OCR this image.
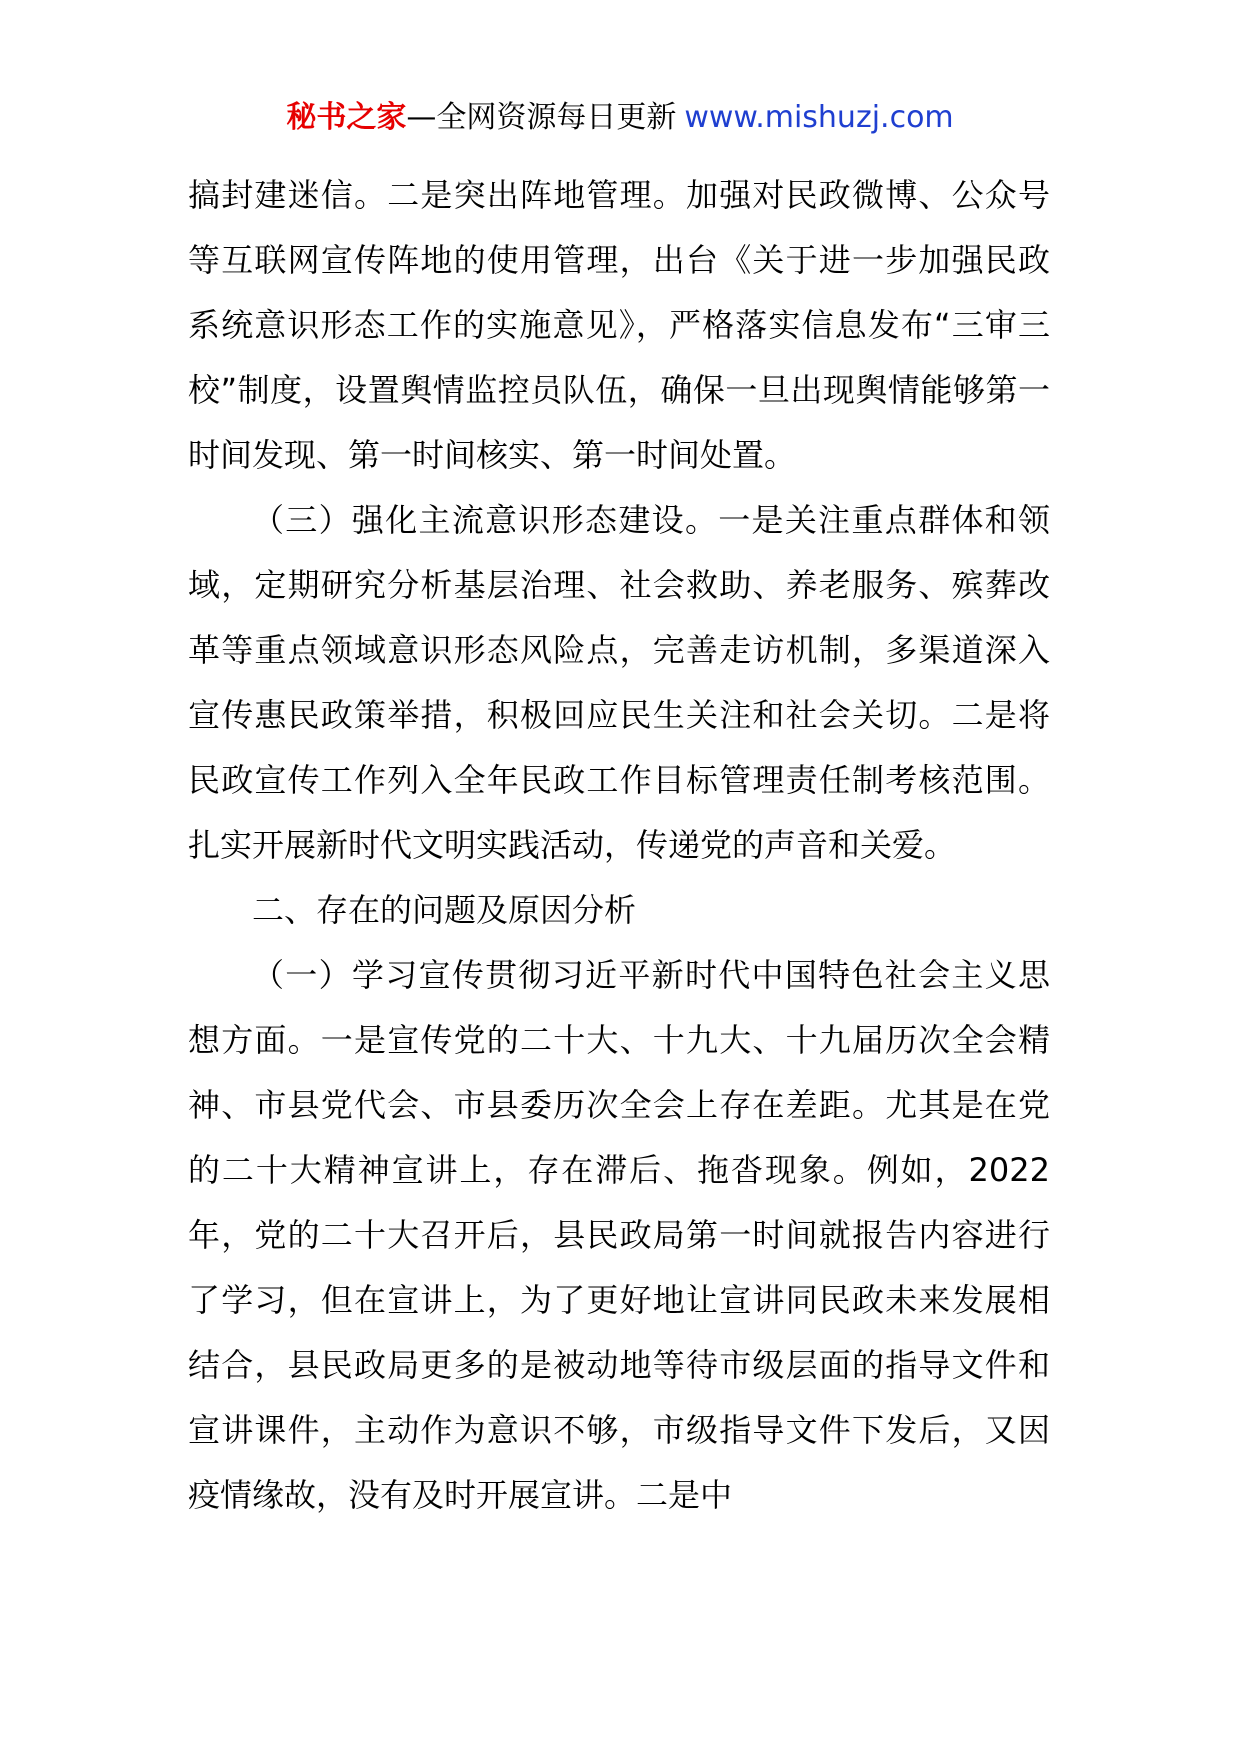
秘书之家—全网资源每日更新 www.mishuzj.com

搞封建迷信。二是突出阵地管理。加强对民政微博、公众号等互联网宣传阵地的使用管理，出台《关于进一步加强民政系统意识形态工作的实施意见》，严格落实信息发布“三审三校”制度，设置舆情监控员队伍，确保一旦出现舆情能够第一时间发现、第一时间核实、第一时间处置。

（三）强化主流意识形态建设。一是关注重点群体和领域，定期研究分析基层治理、社会救助、养老服务、殡葬改革等重点领域意识形态风险点，完善走访机制，多渠道深入宣传惠民政策举措，积极回应民生关注和社会关切。二是将民政宣传工作列入全年民政工作目标管理责任制考核范围。扎实开展新时代文明实践活动，传递党的声音和关爱。

二、存在的问题及原因分析

（一）学习宣传贯彻习近平新时代中国特色社会主义思想方面。一是宣传党的二十大、十九大、十九届历次全会精神、市县党代会、市县委历次全会上存在差距。尤其是在党的二十大精神宣讲上，存在滞后、拖沓现象。例如，2022年，党的二十大召开后，县民政局第一时间就报告内容进行了学习，但在宣讲上，为了更好地让宣讲同民政未来发展相结合，县民政局更多的是被动地等待市级层面的指导文件和宣讲课件，主动作为意识不够，市级指导文件下发后，又因疫情缘故，没有及时开展宣讲。二是中
